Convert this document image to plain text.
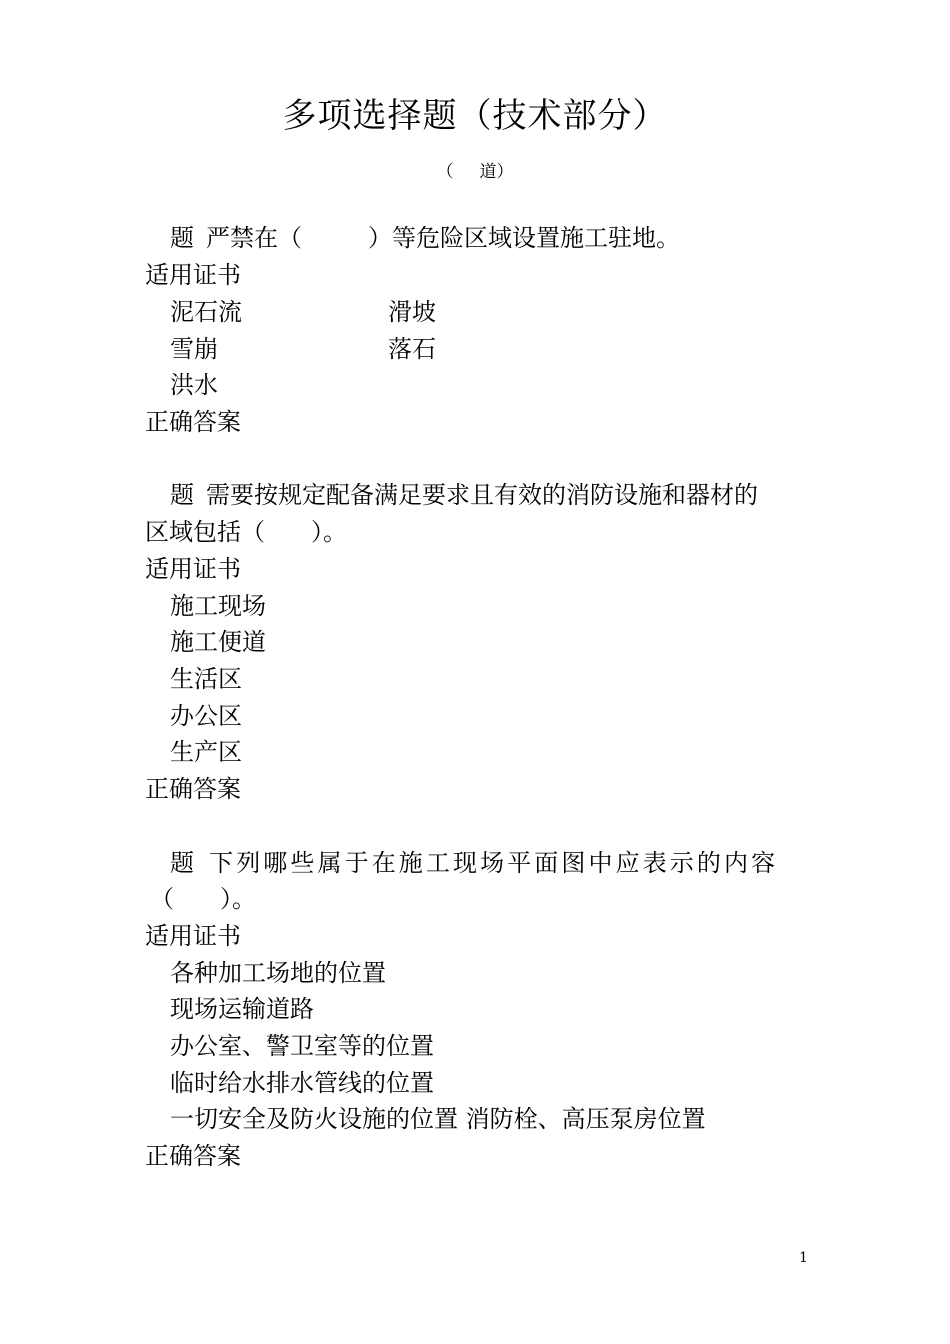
多项选择题（技术部分）
（ 道）
题 严禁在（	）等危险区域设置施工驻地。
适用证书
泥石流	滑坡
雪崩	落石
洪水
正确答案
题 需要按规定配备满足要求且有效的消防设施和器材的
区域包括（ ）。
适用证书
施工现场
施工便道
生活区
办公区
生产区
正确答案
题 下列哪些属于在施工现场平面图中应表示的内容
（ ）。
适用证书
各种加工场地的位置
现场运输道路
办公室、警卫室等的位置
临时给水排水管线的位置
一切安全及防火设施的位置 消防栓、高压泵房位置
正确答案
1
